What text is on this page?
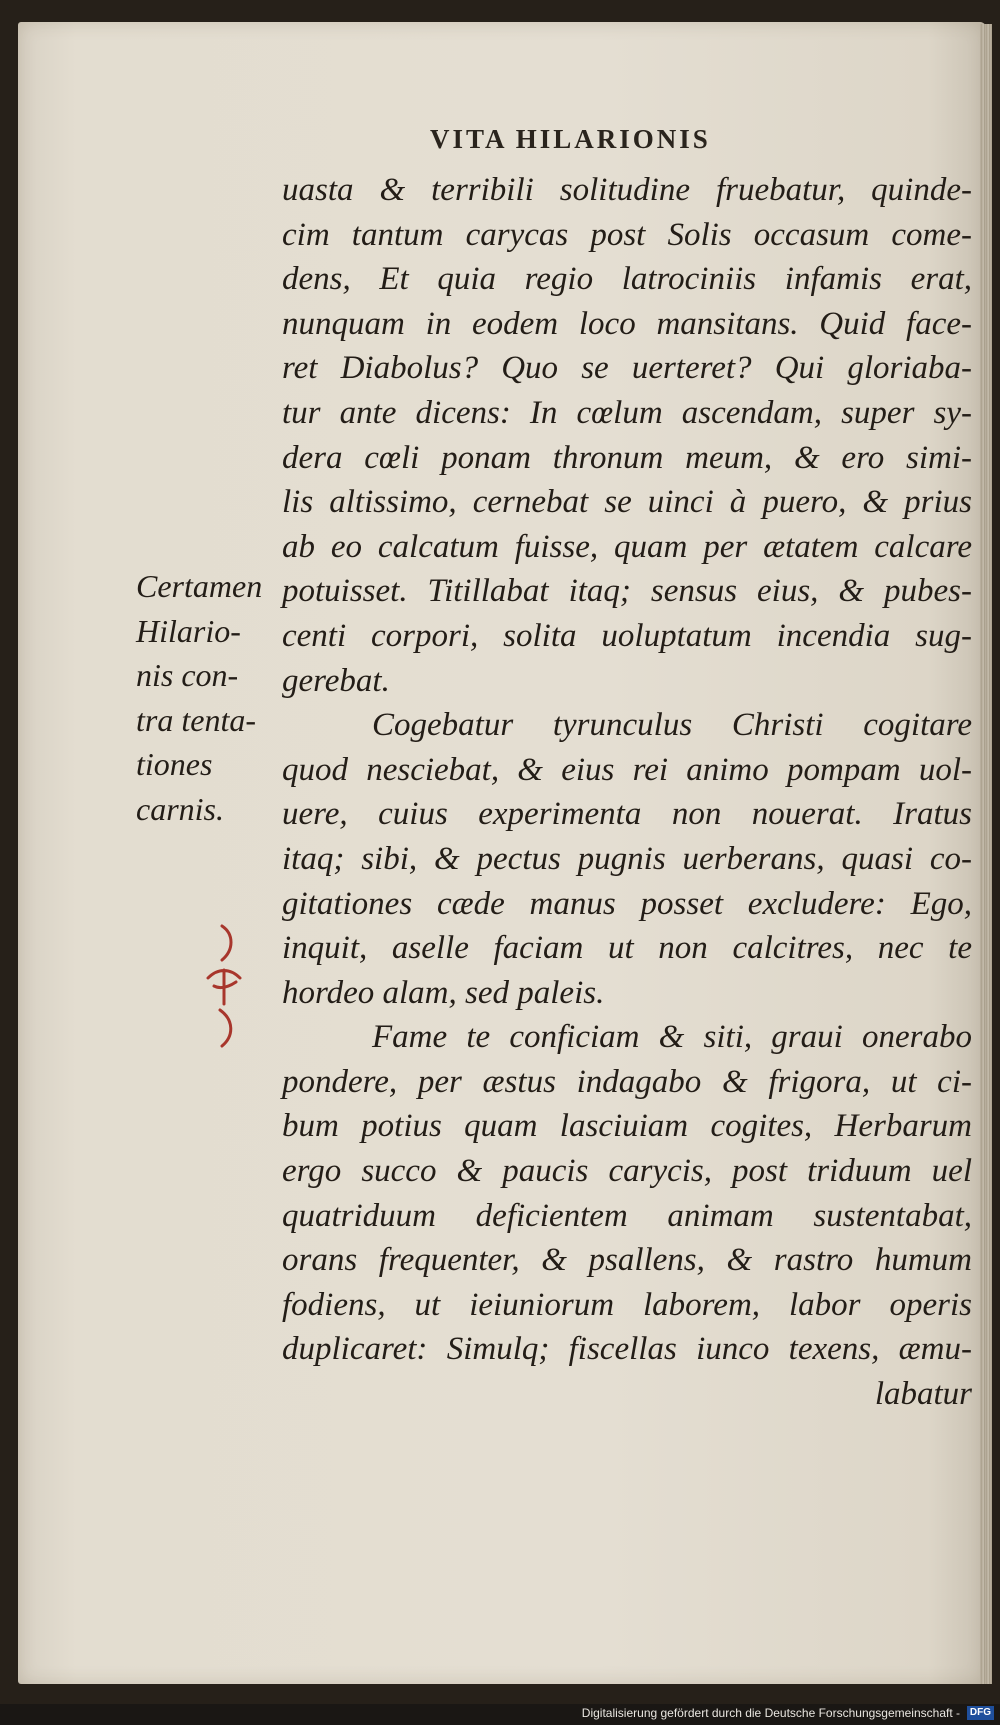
VITA HILARIONIS
uasta & terribili solitudine fruebatur, quinde-
cim tantum carycas post Solis occasum come-
dens, Et quia regio latrociniis infamis erat,
nunquam in eodem loco mansitans. Quid face-
ret Diabolus? Quo se uerteret? Qui gloriaba-
tur ante dicens: In cœlum ascendam, super sy-
dera cœli ponam thronum meum, & ero simi-
lis altissimo, cernebat se uinci à puero, & prius
ab eo calcatum fuisse, quam per ætatem calcare
potuisset. Titillabat itaq; sensus eius, & pubes-
centi corpori, solita uoluptatum incendia sug-
gerebat.
Cogebatur tyrunculus Christi cogitare
quod nesciebat, & eius rei animo pompam uol-
uere, cuius experimenta non nouerat. Iratus
itaq; sibi, & pectus pugnis uerberans, quasi co-
gitationes cæde manus posset excludere: Ego,
inquit, aselle faciam ut non calcitres, nec te
hordeo alam, sed paleis.
Fame te conficiam & siti, graui onerabo
pondere, per æstus indagabo & frigora, ut ci-
bum potius quam lasciuiam cogites, Herbarum
ergo succo & paucis carycis, post triduum uel
quatriduum deficientem animam sustentabat,
orans frequenter, & psallens, & rastro humum
fodiens, ut ieiuniorum laborem, labor operis
duplicaret: Simulq; fiscellas iunco texens, æmu-
labatur
Certamen
Hilario-
nis con-
tra tenta-
tiones
carnis.
Digitalisierung gefördert durch die Deutsche Forschungsgemeinschaft - DFG
